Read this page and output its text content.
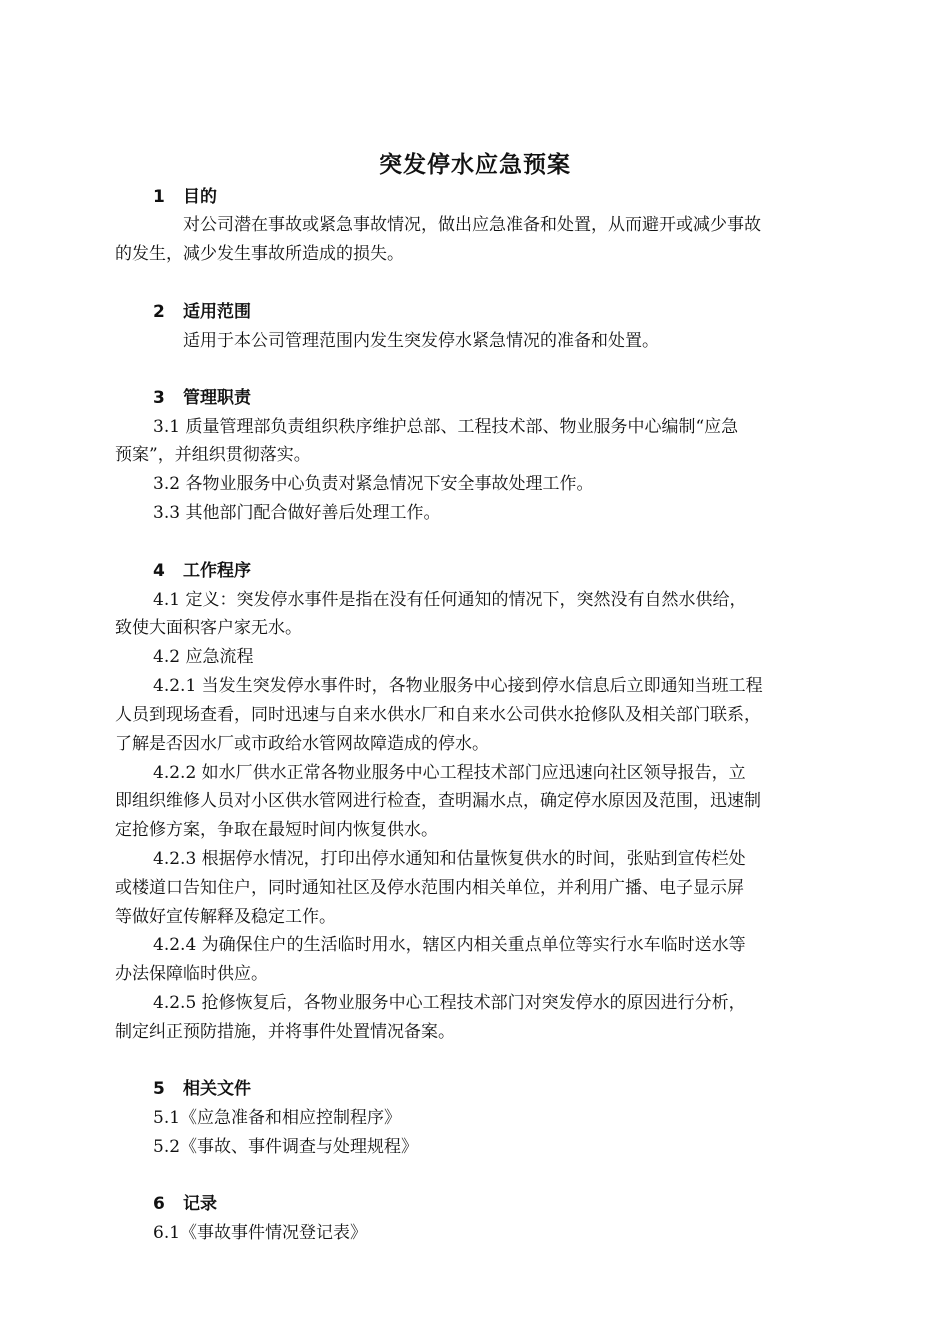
突发停水应急预案
1 目的
对公司潜在事故或紧急事故情况，做出应急准备和处置，从而避开或减少事故
的发生，减少发生事故所造成的损失。
2 适用范围
适用于本公司管理范围内发生突发停水紧急情况的准备和处置。
3 管理职责
3.1 质量管理部负责组织秩序维护总部、工程技术部、物业服务中心编制“应急
预案”，并组织贯彻落实。
3.2 各物业服务中心负责对紧急情况下安全事故处理工作。
3.3 其他部门配合做好善后处理工作。
4 工作程序
4.1 定义：突发停水事件是指在没有任何通知的情况下，突然没有自然水供给，
致使大面积客户家无水。
4.2 应急流程
4.2.1 当发生突发停水事件时，各物业服务中心接到停水信息后立即通知当班工程
人员到现场查看，同时迅速与自来水供水厂和自来水公司供水抢修队及相关部门联系，
了解是否因水厂或市政给水管网故障造成的停水。
4.2.2 如水厂供水正常各物业服务中心工程技术部门应迅速向社区领导报告，立
即组织维修人员对小区供水管网进行检查，查明漏水点，确定停水原因及范围，迅速制
定抢修方案，争取在最短时间内恢复供水。
4.2.3 根据停水情况，打印出停水通知和估量恢复供水的时间，张贴到宣传栏处
或楼道口告知住户，同时通知社区及停水范围内相关单位，并利用广播、电子显示屏
等做好宣传解释及稳定工作。
4.2.4 为确保住户的生活临时用水，辖区内相关重点单位等实行水车临时送水等
办法保障临时供应。
4.2.5 抢修恢复后，各物业服务中心工程技术部门对突发停水的原因进行分析，
制定纠正预防措施，并将事件处置情况备案。
5 相关文件
5.1《应急准备和相应控制程序》
5.2《事故、事件调查与处理规程》
6 记录
6.1《事故事件情况登记表》
